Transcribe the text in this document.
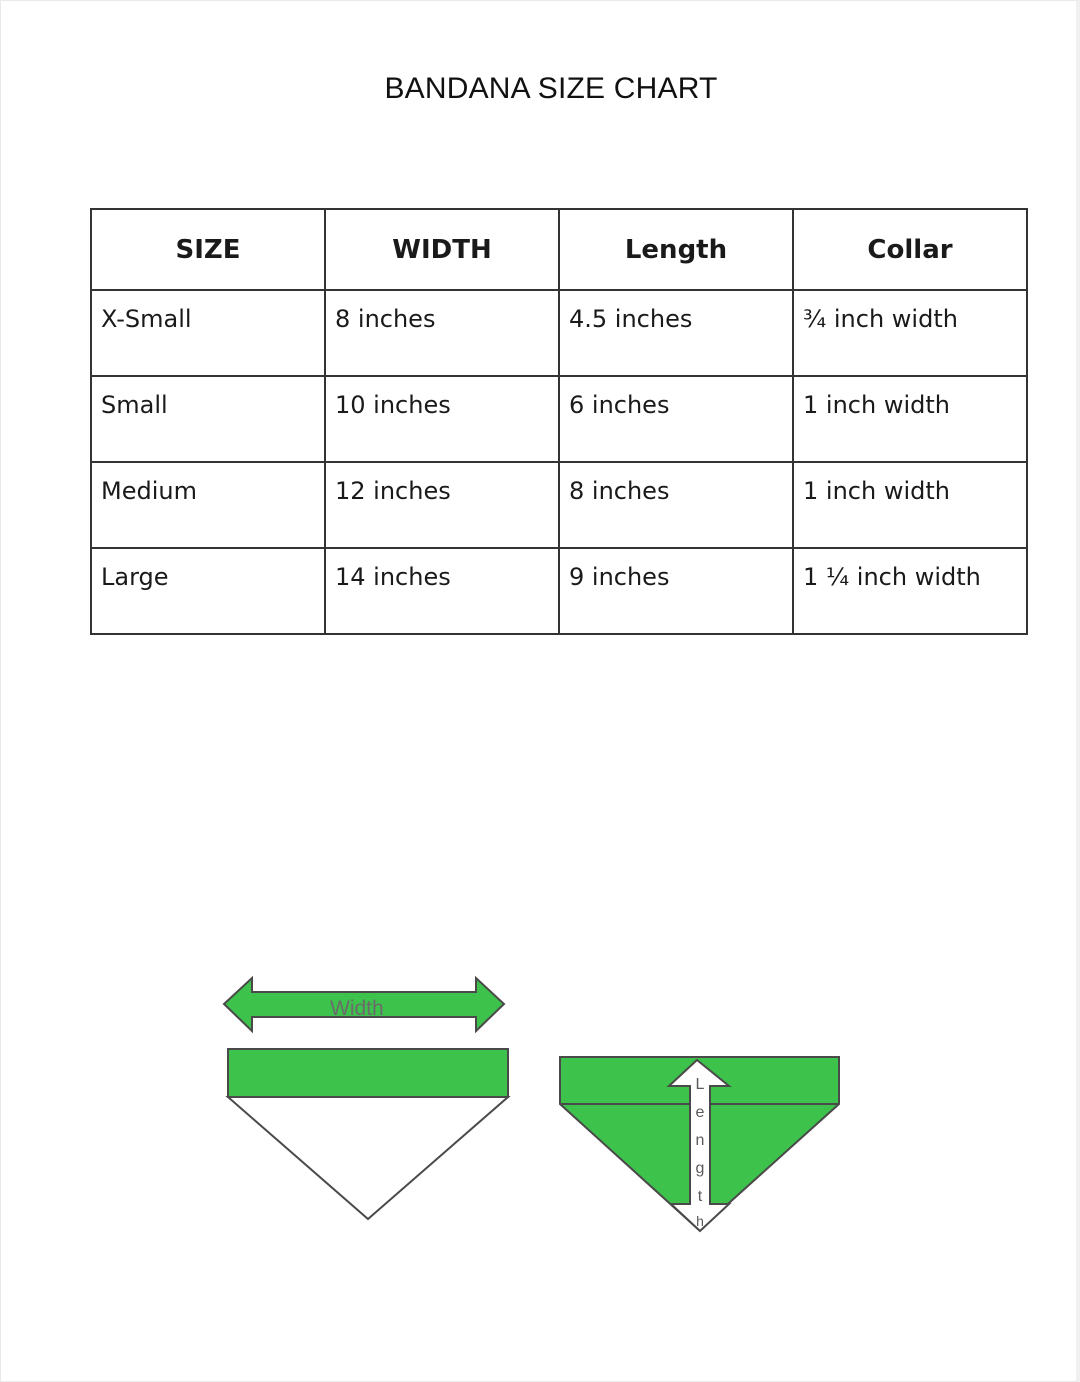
BANDANA SIZE CHART
SIZE	WIDTH	Length	Collar
X-Small	8 inches	4.5 inches	¾ inch width
Small	10 inches	6 inches	1 inch width
Medium	12 inches	8 inches	1 inch width
Large	14 inches	9 inches	1 ¼ inch width
Width
L
e
n
g
t
h
